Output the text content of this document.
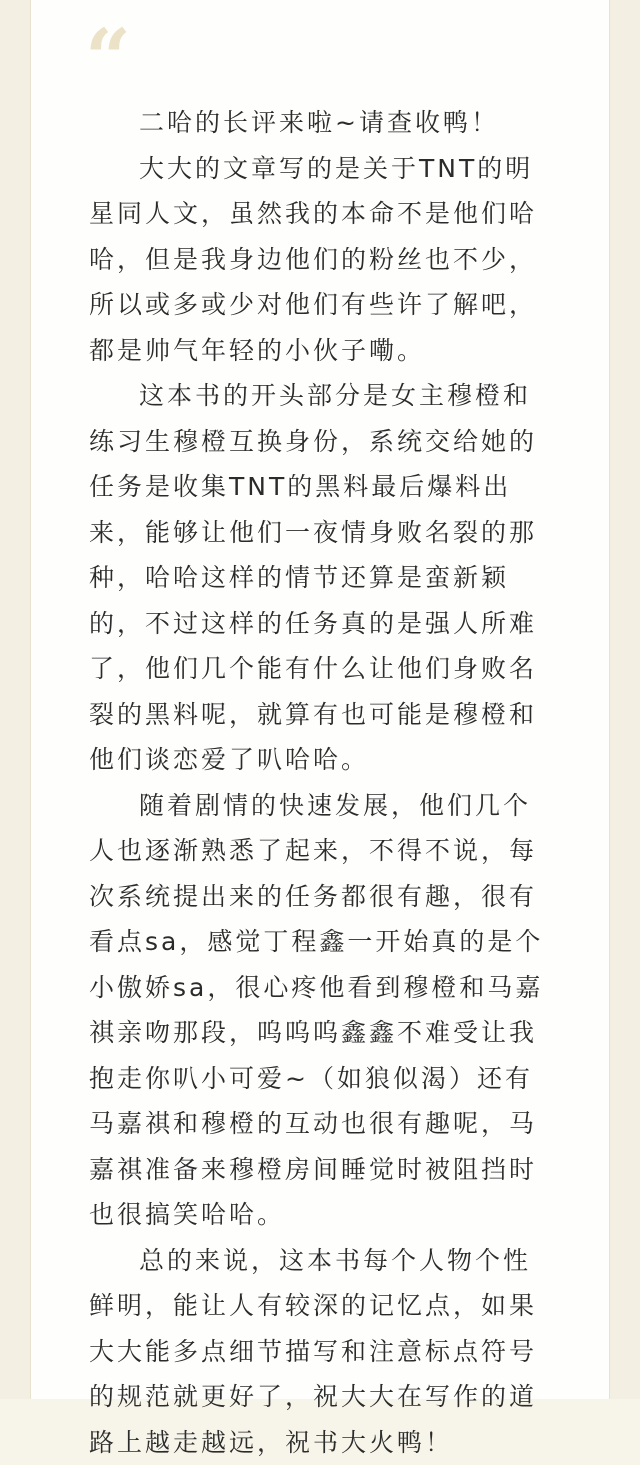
“

二哈的长评来啦~请查收鸭！

大大的文章写的是关于TNT的明星同人文，虽然我的本命不是他们哈哈，但是我身边他们的粉丝也不少，所以或多或少对他们有些许了解吧，都是帅气年轻的小伙子嘞。

这本书的开头部分是女主穆橙和练习生穆橙互换身份，系统交给她的任务是收集TNT的黑料最后爆料出来，能够让他们一夜情身败名裂的那种，哈哈这样的情节还算是蛮新颖的，不过这样的任务真的是强人所难了，他们几个能有什么让他们身败名裂的黑料呢，就算有也可能是穆橙和他们谈恋爱了叭哈哈。

随着剧情的快速发展，他们几个人也逐渐熟悉了起来，不得不说，每次系统提出来的任务都很有趣，很有看点sa，感觉丁程鑫一开始真的是个小傲娇sa，很心疼他看到穆橙和马嘉祺亲吻那段，呜呜呜鑫鑫不难受让我抱走你叭小可爱~（如狼似渴）还有马嘉祺和穆橙的互动也很有趣呢，马嘉祺准备来穆橙房间睡觉时被阻挡时也很搞笑哈哈。

总的来说，这本书每个人物个性鲜明，能让人有较深的记忆点，如果大大能多点细节描写和注意标点符号的规范就更好了，祝大大在写作的道路上越走越远，祝书大火鸭！
